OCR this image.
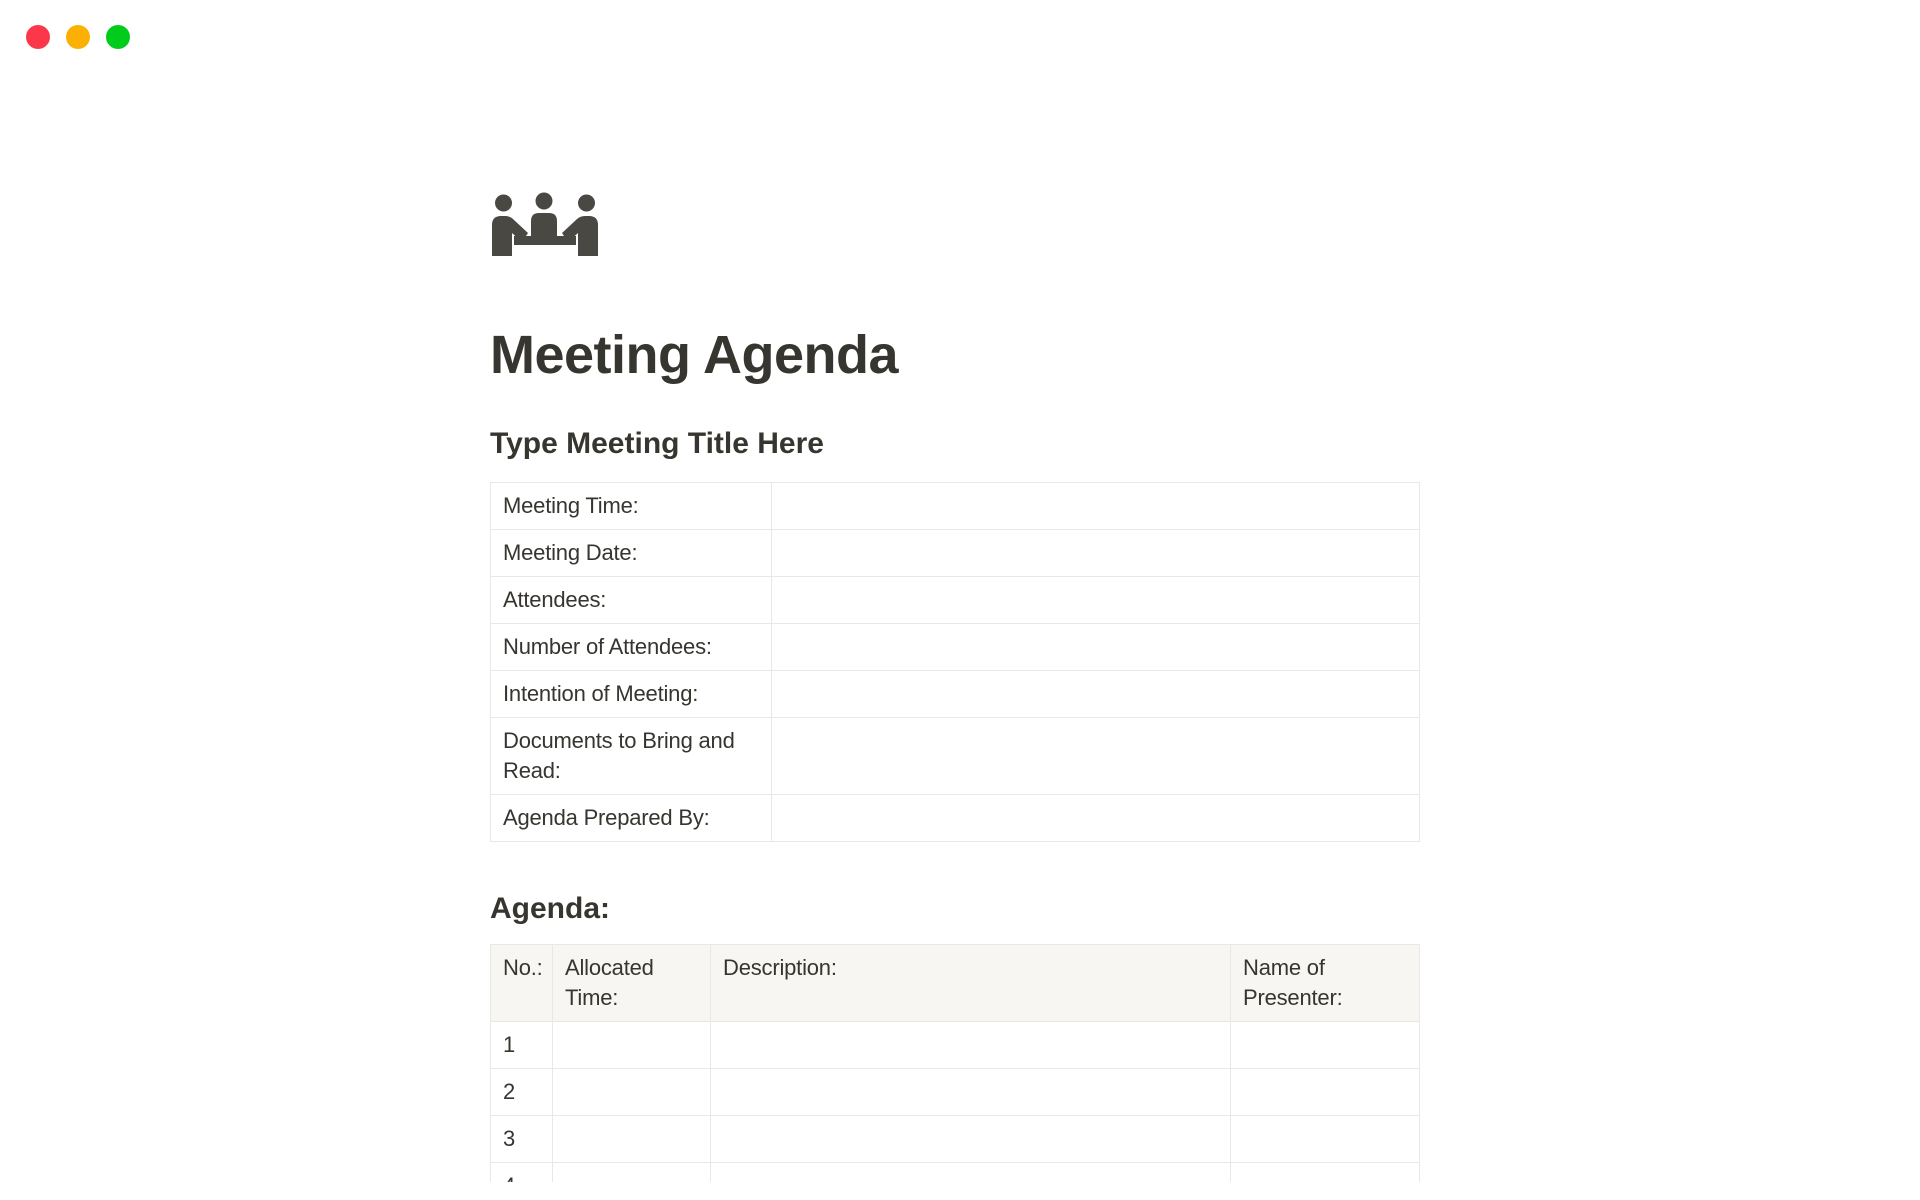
Meeting Agenda
Type Meeting Title Here
Meeting Time:	
Meeting Date:	
Attendees:	
Number of Attendees:	
Intention of Meeting:	
Documents to Bring and Read:	
Agenda Prepared By:	
Agenda:
No.:	Allocated Time:	Description:	Name of Presenter:
1			
2			
3			
